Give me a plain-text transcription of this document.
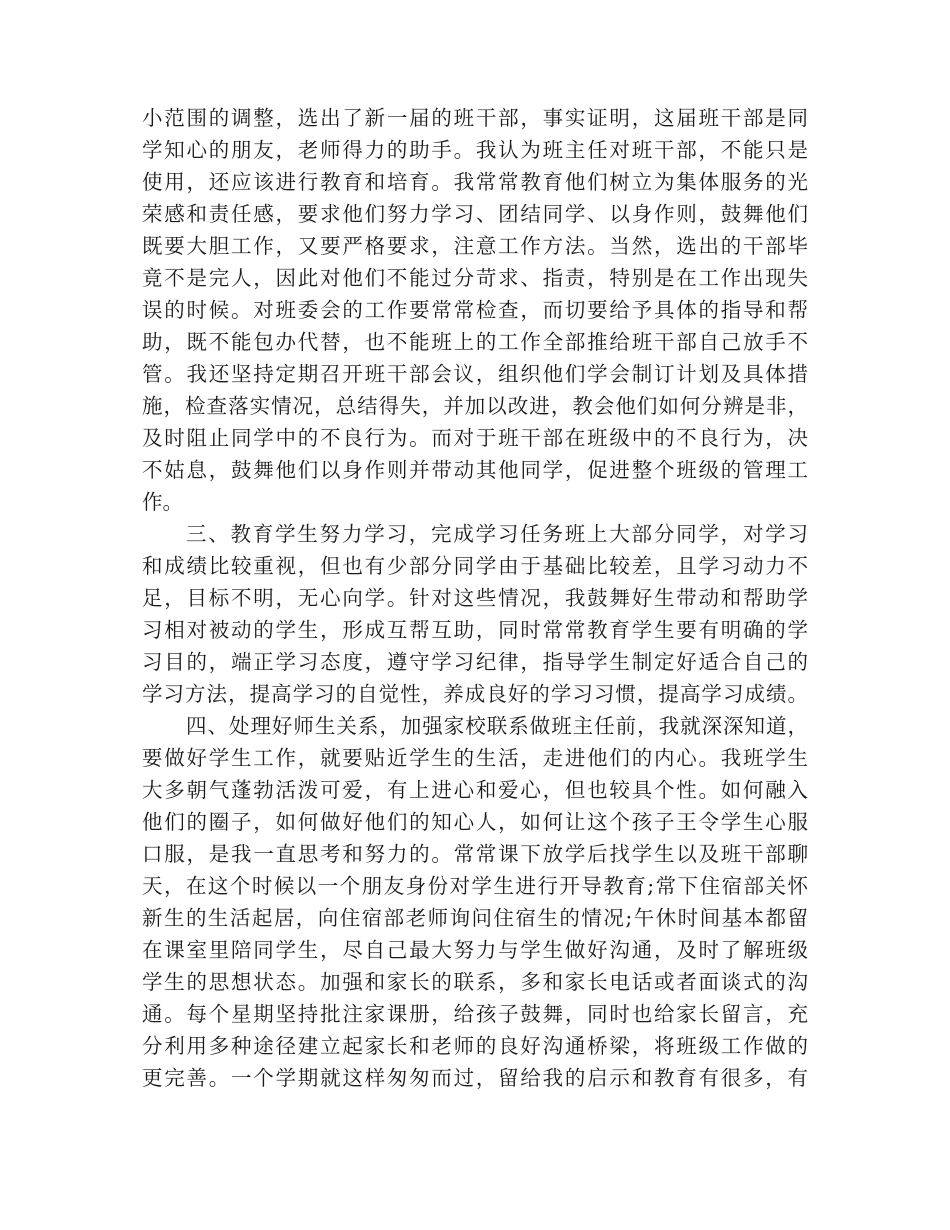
小范围的调整，选出了新一届的班干部，事实证明，这届班干部是同
学知心的朋友，老师得力的助手。我认为班主任对班干部，不能只是
使用，还应该进行教育和培育。我常常教育他们树立为集体服务的光
荣感和责任感，要求他们努力学习、团结同学、以身作则，鼓舞他们
既要大胆工作，又要严格要求，注意工作方法。当然，选出的干部毕
竟不是完人，因此对他们不能过分苛求、指责，特别是在工作出现失
误的时候。对班委会的工作要常常检查，而切要给予具体的指导和帮
助，既不能包办代替，也不能班上的工作全部推给班干部自己放手不
管。我还坚持定期召开班干部会议，组织他们学会制订计划及具体措
施，检查落实情况，总结得失，并加以改进，教会他们如何分辨是非，
及时阻止同学中的不良行为。而对于班干部在班级中的不良行为，决
不姑息，鼓舞他们以身作则并带动其他同学，促进整个班级的管理工
作。
三、教育学生努力学习，完成学习任务班上大部分同学，对学习
和成绩比较重视，但也有少部分同学由于基础比较差，且学习动力不
足，目标不明，无心向学。针对这些情况，我鼓舞好生带动和帮助学
习相对被动的学生，形成互帮互助，同时常常教育学生要有明确的学
习目的，端正学习态度，遵守学习纪律，指导学生制定好适合自己的
学习方法，提高学习的自觉性，养成良好的学习习惯，提高学习成绩。
四、处理好师生关系，加强家校联系做班主任前，我就深深知道，
要做好学生工作，就要贴近学生的生活，走进他们的内心。我班学生
大多朝气蓬勃活泼可爱，有上进心和爱心，但也较具个性。如何融入
他们的圈子，如何做好他们的知心人，如何让这个孩子王令学生心服
口服，是我一直思考和努力的。常常课下放学后找学生以及班干部聊
天，在这个时候以一个朋友身份对学生进行开导教育;常下住宿部关怀
新生的生活起居，向住宿部老师询问住宿生的情况;午休时间基本都留
在课室里陪同学生，尽自己最大努力与学生做好沟通，及时了解班级
学生的思想状态。加强和家长的联系，多和家长电话或者面谈式的沟
通。每个星期坚持批注家课册，给孩子鼓舞，同时也给家长留言，充
分利用多种途径建立起家长和老师的良好沟通桥梁，将班级工作做的
更完善。一个学期就这样匆匆而过，留给我的启示和教育有很多，有
